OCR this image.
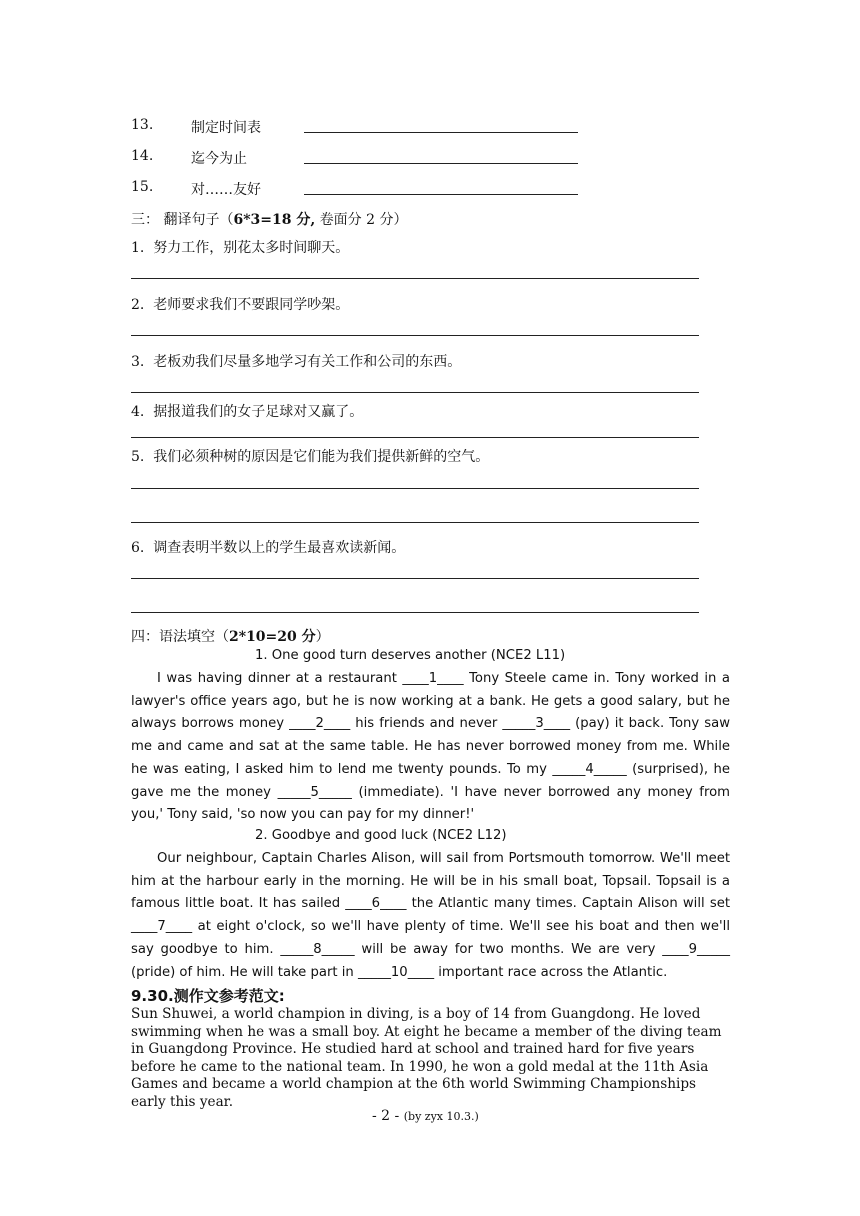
13.	制定时间表
14.	迄今为止
15.	对……友好
三： 翻译句子（6*3=18 分, 卷面分 2 分）
1. 努力工作，别花太多时间聊天。
2. 老师要求我们不要跟同学吵架。
3. 老板劝我们尽量多地学习有关工作和公司的东西。
4. 据报道我们的女子足球对又赢了。
5. 我们必须种树的原因是它们能为我们提供新鲜的空气。
6. 调查表明半数以上的学生最喜欢读新闻。
四：语法填空（2*10=20 分）
1. One good turn deserves another (NCE2 L11)

I was having dinner at a restaurant ____1____ Tony Steele came in. Tony worked in a lawyer's office years ago, but he is now working at a bank. He gets a good salary, but he always borrows money ____2____ his friends and never _____3____ (pay) it back. Tony saw me and came and sat at the same table. He has never borrowed money from me. While he was eating, I asked him to lend me twenty pounds. To my _____4_____ (surprised), he gave me the money _____5_____ (immediate). 'I have never borrowed any money from you,' Tony said, 'so now you can pay for my dinner!'

2. Goodbye and good luck (NCE2 L12)

Our neighbour, Captain Charles Alison, will sail from Portsmouth tomorrow. We'll meet him at the harbour early in the morning. He will be in his small boat, Topsail. Topsail is a famous little boat. It has sailed ____6____ the Atlantic many times. Captain Alison will set ____7____ at eight o'clock, so we'll have plenty of time. We'll see his boat and then we'll say goodbye to him. _____8_____ will be away for two months. We are very ____9_____ (pride) of him. He will take part in _____10____ important race across the Atlantic.

9.30.测作文参考范文:
Sun Shuwei, a world champion in diving, is a boy of 14 from Guangdong. He loved swimming when he was a small boy. At eight he became a member of the diving team in Guangdong Province. He studied hard at school and trained hard for five years before he came to the national team. In 1990, he won a gold medal at the 11th Asia Games and became a world champion at the 6th world Swimming Championships early this year.
- 2 - (by zyx 10.3.)
